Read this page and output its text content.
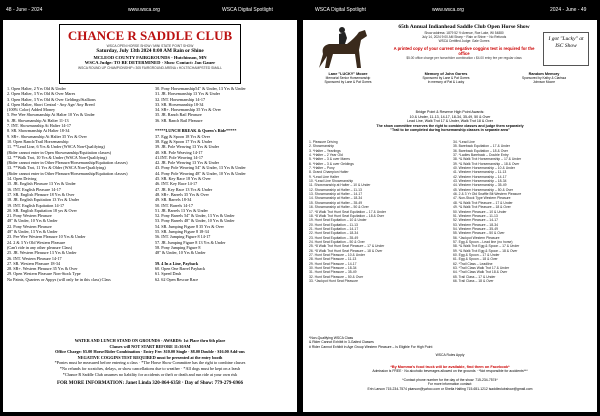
48 - June - 2024	www.wsca.org	WSCA Digital Spotlight	WSCA Digital Spotlight	www.wsca.org	2024 - June - 49
CHANCE R SADDLE CLUB
WSCA OPEN HORSE SHOW / MINI STATE POINT SHOW
Saturday, July 13th 2024 8:00 AM Rain or Shine
MCLEOD COUNTY FAIRGROUNDS - Hutchinson, MN
WSCA Judge: TO BE DETERMINED · Show Contact: Jan Gauer
WSCA ROUND UP CHAMPIONSHIP • 305 FAIRGROUND ARENA • HOLTSCHAMPSTED SMALL
1. Open Halter, 2 Yrs Old & Under
2. Open Halter, 3 Yrs Old & Over Mares
3. Open Halter, 3 Yrs Old & Over Geldings/Stallions
4. Open Halter, Short Central - Any Age/ Any Breed
(100% Color) Added Money
5. Pee Wee Showmanship At Halter 10 Yrs & Under
6. JR. Showmanship At Halter 11-13
7. INT. Showmanship At Halter 14-17
8. SR. Showmanship At Halter 18-34
9. SR+. Showmanship At Halter 35 Yrs & Over
10. Open Ranch/Trail Horsemanship
11. **Lead Line, 6 Yrs & Under (WSCA Non-Qualifying)
(Rider cannot enter in Open Showmanship/Equitation classes)
12. **Walk Trot, 10 Yrs & Under (WSCA Non-Qualifying)
(Rider cannot enter in Other Pleasure/Horsemanship/Equitation classes)
13. **Walk Trot, 11 Yrs & Older (WSCA Non-Qualifying)
(Rider cannot enter in Other Pleasure/Horsemanship/Equitation classes)
14. Open Driving
15. JR. English Pleasure 13 Yrs & Under
16. INT. English Pleasure 14-17
17. SR. English Pleasure 18 Yrs & Over
18. JR. English Equitation 13 Yrs & Under
19. INT. English Equitation 14-17
20. SR. English Equitation 18 yrs & Over
21. Pony Western Pleasure
48" & Under, 10 Yrs & Under
22. Pony Western Pleasure
48" & Under, 13 Yrs & Under
23. Pee Wee Western Pleasure 10 Yrs & Under
24. 2 & 3 Yr Old Western Pleasure
(Can't ride in any other pleasure Class)
25. JR. Western Pleasure 13 Yrs & Under
26. INT. Western Pleasure 14-17
27. SR. Western Pleasure 18-34
28. SR+. Western Pleasure 35 Yrs & Over
29. Open Western Pleasure Non-Stock Type
No Paints, Quarters or Appys (will only be in this class) Class
30. Pony Horsemanship54" & Under, 13 Yrs & Under
31. JR. Horsemanship 13 Yrs & Under
32. INT. Horsemanship 14-17
33. SR. Horsemanship 18-34
34. SR+. Horsemanship 35 Yrs & Over
35. JR. Ranch Rail Pleasure
36. SR. Ranch Rail Pleasure

*****LUNCH BREAK & Queen's Ride*****
37. Egg & Spoon 18 Yrs & Over
38. Egg & Spoon 17 Yrs & Under
39. JR. Pole Weaving 13 Yrs & Under
40. SR. Pole Weaving 14-17
41.INT. Pole Weaving 14-17
42. JR. Pole Weaving 13 Yrs & Under
43. Pony Pole Weaving 54" & Under, 13 Yrs & Under
44. Pony Pole Weaving 48" & Under, 10 Yrs & Under
45. SR. Key Race 18 Yrs & Over
46. INT. Key Race 14-17
47. JR. Key Race 13 Yrs & Under
48. SR+. Barrels 35 Yrs & Over
49. SR. Barrels 18-34
50. INT. Barrels 14-17
51. JR. Barrels 13 Yrs & Under
52. Pony Barrels 54" & Under, 13 Yrs & Under
53. Pony Barrels 48" & Under, 10 Yrs & Under
54. SR. Jumping Figure 8 35 Yrs & Over
55. SR. Jumping Figure 8 18-34
56. INT. Jumping Figure 8 14-17
57. JR. Jumping Figure 8 13 Yrs & Under
58. Pony Jumping Figure 8
48" & Under, 10 Yrs & Under

59. 4 In a Line, Payback
60. Open One Barrel Payback
61. Speed Dash
62. 62 Open Rescue Race
WATER AND LUNCH STAND ON GROUNDS · AWARDS: 1st Place thru 6th place
Classes will NOT START BEFORE 11:30AM
Office Charge: $5.00 Horse/Rider Combination · Entry Fee: $10.00 Single · $8.00 Double · $16.00 Add-ons
NEGATIVE COGGINS TEST REQUIRED must be presented at the entry booth
*Ponies must be measured before entering a class · *The Horse Show Committee has the right to combine classes
*No refunds for scratches, delays, or show cancellations due to weather · *All dogs must be kept on a leash
*Chance R Saddle Club assumes no liability for accidents or theft or death and run ride at your own risk
FOR MORE INFORMATION: Janet Linda 320-864-6358 · Day of Show: 779-279-6966
65th Annual Indianhead Saddle Club Open Horse Show
Show address: 1879 52 ½ Avenue, Roe Lake, WI 54880
July 14, 2024 9:00 AM Sharp ~ Rain or Shine ~ No Refunds
WSCA Certified Judge: Gale Gorres
A printed copy of your current negative coggins test is required for the office
$5.00 office charge per horse/rider combination • $4.00 entry fee per regular class
I got "Lucky" at ISC Show
Lane "LUCKY" Moore
Memorial Senior Horsemanship
Sponsored by Lane & Pat Gorres
Memory of John Gorres
Sponsored by Lane & Pat Gorres
In memory of Pat & Lucky
Random Memory
Sponsored by Kathy & Clarissa
Johnson Moore
Bridge Point & Reserve High Point Awards:
10 & Under, 11-13, 14-17, 18-34, 35-49, 50 & Over
Lead Line, Walk Trot 17 & Under, Walk Trot 18 & Over
The show committee reserves the right to combine classes and judge them separately
"Trail to be completed during horsemanship classes in separate area"
1. Pleasure Driving
2. Showmanship
3. *Halter – Yearlings
4. *Halter – 2 Year Old
5. *Halter – 3 & over Mares
6. *Halter – 3 & over Geldings
7. *Halter – Pony
8. Grand Champion Halter
9. *Lead Line Halter
10. *Lead Line Showmanship
11. Showmanship at Halter – 10 & Under
12. Showmanship at Halter – 11-13
13. Showmanship at Halter – 14-17
14. Showmanship at Halter – 18-34
15. Showmanship at Halter – 35-49
16. Showmanship at Halter – 50 & Over
17. *8 Walk Trot Hunt Seat Equitation – 17 & Under
18. *8 Walk Trot Hunt Seat Equitation – 18 & Over
19. Hunt Seat Equitation – 10 & Under
20. Hunt Seat Equitation – 11-13
21. Hunt Seat Equitation – 14-17
22. Hunt Seat Equitation – 18-34
23. Hunt Seat Equitation – 35-49
24. Hunt Seat Equitation – 50 & Over
25. *8 Walk Trot Hunt Seat Pleasure – 17 & Under
26. *8 Walk Trot Hunt Seat Pleasure – 18 & Over
27. Hunt Seat Pleasure – 10 & Under
28. Hunt Seat Pleasure – 11-13
29. Hunt Seat Pleasure – 14-17
30. Hunt Seat Pleasure – 18-34
31. Hunt Seat Pleasure – 35-49
32. Hunt Seat Pleasure – 50 & Over
33. *Jackpot Hunt Seat Pleasure
34. *Lead Line
35. Bareback Equitation – 17 & Under
36. Bareback Equitation – 18 & Over
37. *Ladies Bareback – Double Entry
38. *& Walk Trot Horsemanship – 17 & Under
39. *& Walk Trot Horsemanship – 18 & Over
40. Western Horsemanship – 10 & Under
41. Western Horsemanship – 11-13
42. Western Horsemanship – 14-17
43. Western Horsemanship – 18-34
44. Western Horsemanship – 35-49
45. Western Horsemanship – 50 & Over
46. 2 & 3 Yr Old Snaffle Bit Western Pleasure
47. Non-Stock Type Western Pleasure
48. *& Walk Trot Pleasure – 17 & Under
49. *& Walk Trot Pleasure – 18 & Over
50. Western Pleasure – 10 & Under
51. Western Pleasure – 11-13
52. Western Pleasure – 14-17
53. Western Pleasure – 18-34
54. Western Pleasure – 35-49
55. Western Pleasure – 50 & Over
56. *Jackpot Western Pleasure
57. Egg & Spoon – Lead line (no horse)
58. *& Walk Trot Egg & Spoon – 17 & Under
59. *& Walk Trot Egg & Spoon – 18 & Over
60. Egg & Spoon – 17 & Under
61. Egg & Spoon – 18 & Over
62. *Trail Class – Leadline
63. *Trail Class Walk Trot 17 & Under
64. *Trail Class Walk Trot 18 & Over
65. Trail Class – 17 & Under
66. Trail Class – 18 & Over
*Non-Qualifying WSCA Class
& Rider Cannot Exhibit in 3-Gaited Classes
# Rider Cannot Exhibit in Age Group Western Pleasure – Is Eligible For High Point

WSCA Rules Apply

*By Momma's food truck will be available, find them on Facebook*
Admission is FREE · No alcoholic beverages allowed on the grounds · *Not responsible for accidents***

*Contact phone number for the day of the show: 715-234-7574*
For more information contact:
Erin Larson 715-234-7574 pkarson@yahoo.com or Sheila Halting 715-651-1212 isaddleclubshow@gmail.com
